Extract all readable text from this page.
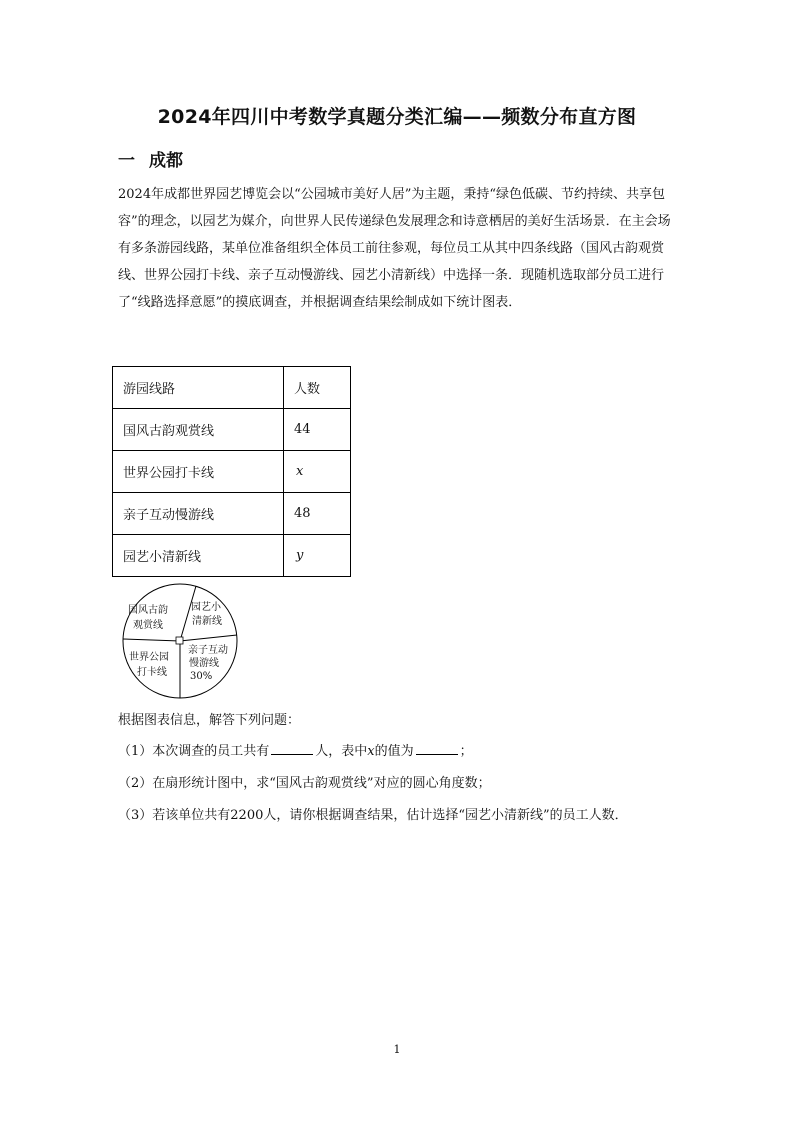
2024年四川中考数学真题分类汇编——频数分布直方图
一 成都
2024年成都世界园艺博览会以“公园城市美好人居”为主题，秉持“绿色低碳、节约持续、共享包容”的理念，以园艺为媒介，向世界人民传递绿色发展理念和诗意栖居的美好生活场景．在主会场有多条游园线路，某单位准备组织全体员工前往参观，每位员工从其中四条线路（国风古韵观赏线、世界公园打卡线、亲子互动慢游线、园艺小清新线）中选择一条．现随机选取部分员工进行了“线路选择意愿”的摸底调查，并根据调查结果绘制成如下统计图表．
游园线路	人数
国风古韵观赏线	44
世界公园打卡线	x
亲子互动慢游线	48
园艺小清新线	y
国风古韵
观赏线
园艺小
清新线
亲子互动
慢游线
30%
世界公园
打卡线
根据图表信息，解答下列问题：
（1）本次调查的员工共有	人，表中x的值为	；
（2）在扇形统计图中，求“国风古韵观赏线”对应的圆心角度数；
（3）若该单位共有2200人，请你根据调查结果，估计选择“园艺小清新线”的员工人数．
1
